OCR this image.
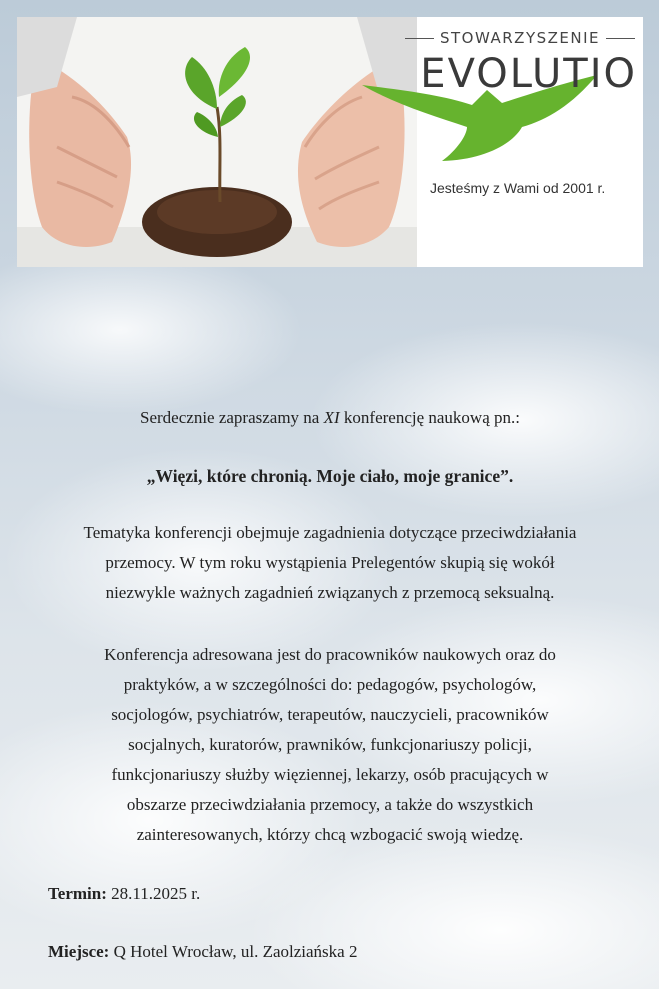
STOWARZYSZENIE
EVOLUTIO
Jesteśmy z Wami od 2001 r.

Serdecznie zapraszamy na XI konferencję naukową pn.:

„Więzi, które chronią. Moje ciało, moje granice”.

Tematyka konferencji obejmuje zagadnienia dotyczące przeciwdziałania
przemocy. W tym roku wystąpienia Prelegentów skupią się wokół
niezwykle ważnych zagadnień związanych z przemocą seksualną.
Konferencja adresowana jest do pracowników naukowych oraz do
praktyków, a w szczególności do: pedagogów, psychologów,
socjologów, psychiatrów, terapeutów, nauczycieli, pracowników
socjalnych, kuratorów, prawników, funkcjonariuszy policji,
funkcjonariuszy służby więziennej, lekarzy, osób pracujących w
obszarze przeciwdziałania przemocy, a także do wszystkich
zainteresowanych, którzy chcą wzbogacić swoją wiedzę.

Termin: 28.11.2025 r.

Miejsce: Q Hotel Wrocław, ul. Zaolziańska 2
